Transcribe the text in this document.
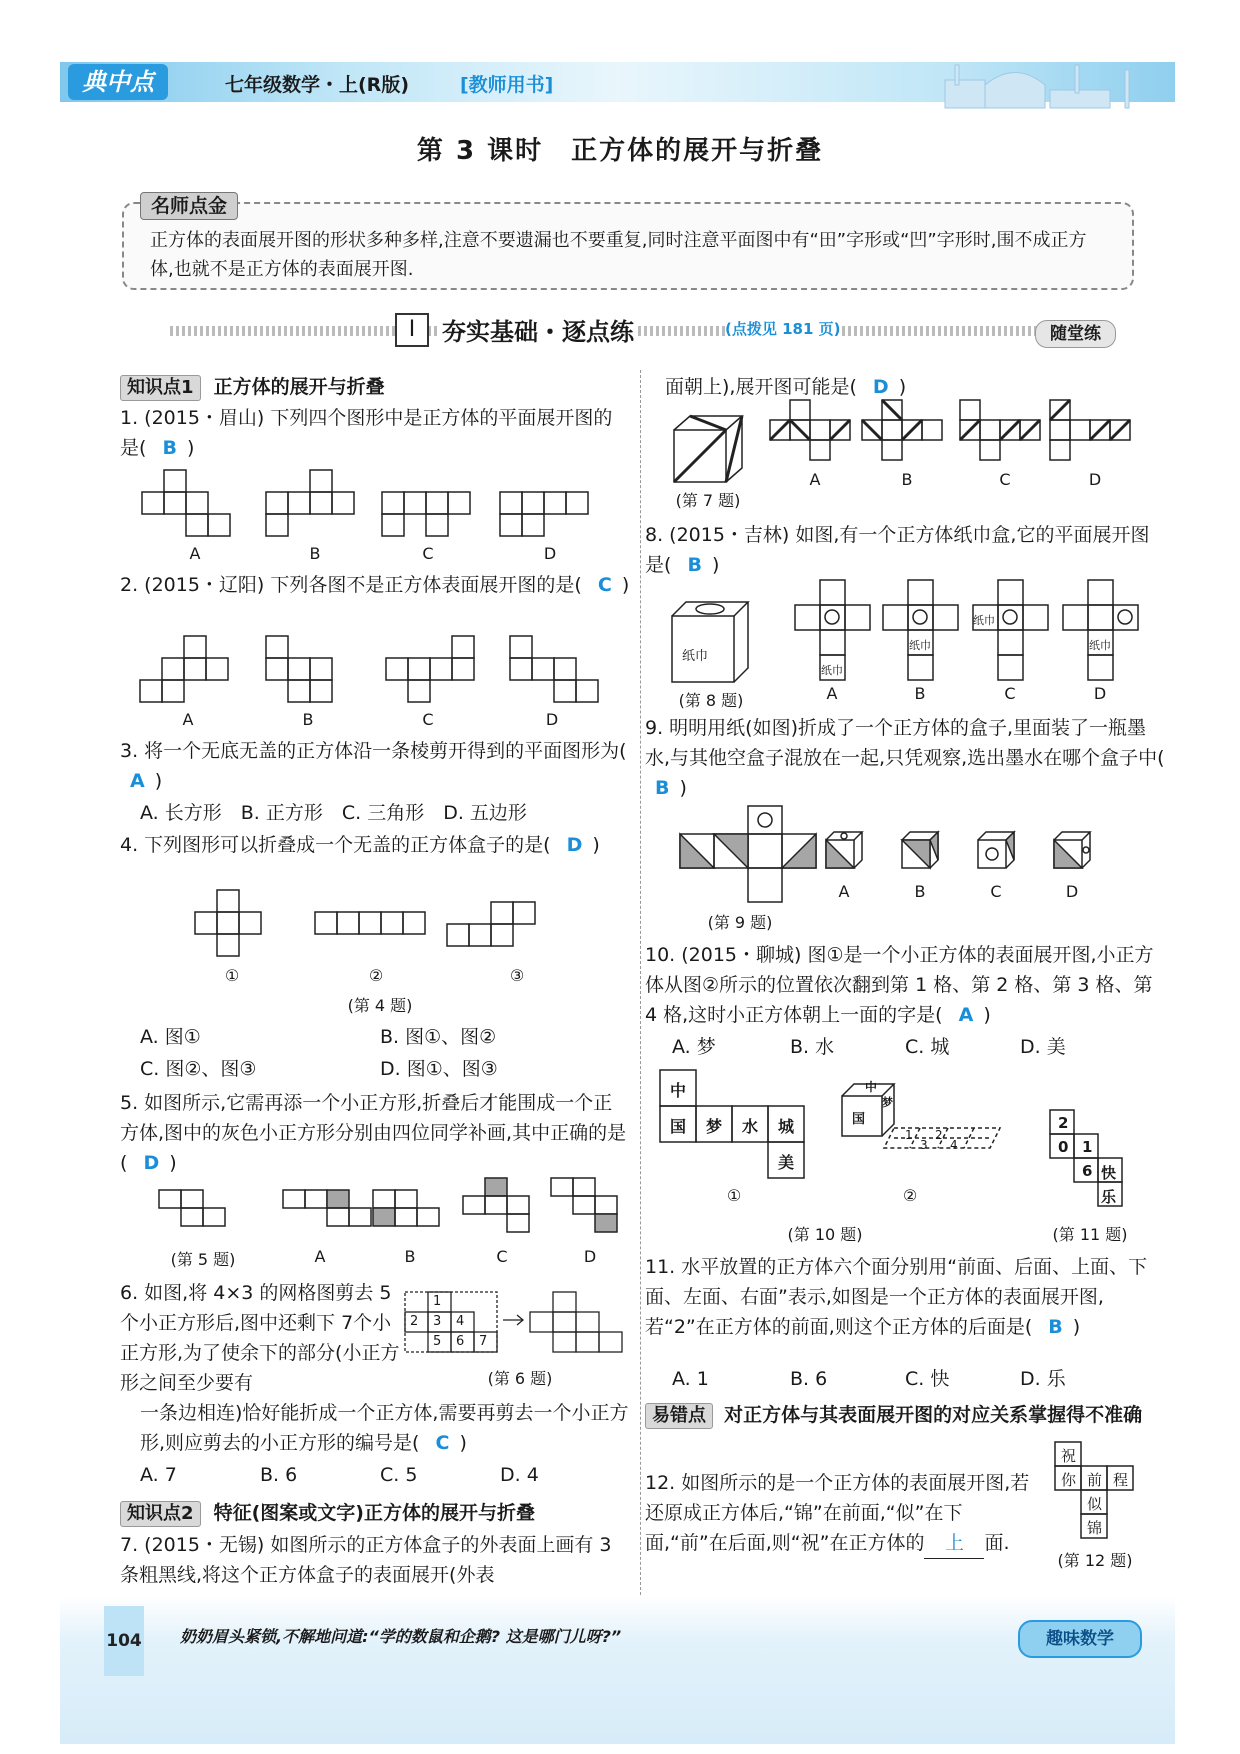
典中点	七年级数学・上(R版)	[教师用书]
第 3 课时　正方体的展开与折叠
名师点金
正方体的表面展开图的形状多种多样,注意不要遗漏也不要重复,同时注意平面图中有“田”字形或“凹”字形时,围不成正方体,也就不是正方体的表面展开图.
I	夯实基础・逐点练	(点拨见 181 页)	随堂练
知识点1 正方体的展开与折叠
1. (2015・眉山) 下列四个图形中是正方体的平面展开图的是( B )
A	B	C	D
2. (2015・辽阳) 下列各图不是正方体表面展开图的是( C )
A	B	C	D
3. 将一个无底无盖的正方体沿一条棱剪开得到的平面图形为( A )
A. 长方形　B. 正方形　C. 三角形　D. 五边形
4. 下列图形可以折叠成一个无盖的正方体盒子的是( D )
①	②	③
(第 4 题)
A. 图①	B. 图①、图②
C. 图②、图③	D. 图①、图③
5. 如图所示,它需再添一个小正方形,折叠后才能围成一个正方体,图中的灰色小正方形分别由四位同学补画,其中正确的是( D )
(第 5 题)	A	B	C	D
6. 如图,将 4×3 的网格图剪去 5个小正方形后,图中还剩下 7个小正方形,为了使余下的部分(小正方形之间至少要有
1
2 3 4
5 6 7
(第 6 题)
一条边相连)恰好能折成一个正方体,需要再剪去一个小正方形,则应剪去的小正方形的编号是( C )
A. 7	B. 6	C. 5	D. 4
知识点2 特征(图案或文字)正方体的展开与折叠
7. (2015・无锡) 如图所示的正方体盒子的外表面上画有 3 条粗黑线,将这个正方体盒子的表面展开(外表
面朝上),展开图可能是( D )
(第 7 题)
A	B	C	D
8. (2015・吉林) 如图,有一个正方体纸巾盒,它的平面展开图是( B )
纸巾
(第 8 题)
纸巾
纸巾
纸巾
纸巾
A	B	C	D
9. 明明用纸(如图)折成了一个正方体的盒子,里面装了一瓶墨水,与其他空盒子混放在一起,只凭观察,选出墨水在哪个盒子中( B )
(第 9 题)
A	B	C	D
10. (2015・聊城) 图①是一个小正方体的表面展开图,小正方体从图②所示的位置依次翻到第 1 格、第 2 格、第 3 格、第 4 格,这时小正方体朝上一面的字是( A )
A. 梦	B. 水	C. 城	D. 美
中
国 梦 水 城
美
①
中
国
梦
1 2
3 4
②
(第 10 题)
2
0 1
6 快
乐
(第 11 题)
11. 水平放置的正方体六个面分别用“前面、后面、上面、下面、左面、右面”表示,如图是一个正方体的表面展开图,若“2”在正方体的前面,则这个正方体的后面是( B )
A. 1	B. 6	C. 快	D. 乐
易错点 对正方体与其表面展开图的对应关系掌握得不准确
12. 如图所示的是一个正方体的表面展开图,若还原成正方体后,“锦”在前面,“似”在下面,“前”在后面,则“祝”在正方体的 上 面.
祝
你 前 程
似
锦
(第 12 题)
104 奶奶眉头紧锁,不解地问道:“学的数鼠和企鹅? 这是哪门儿呀?”	趣味数学
